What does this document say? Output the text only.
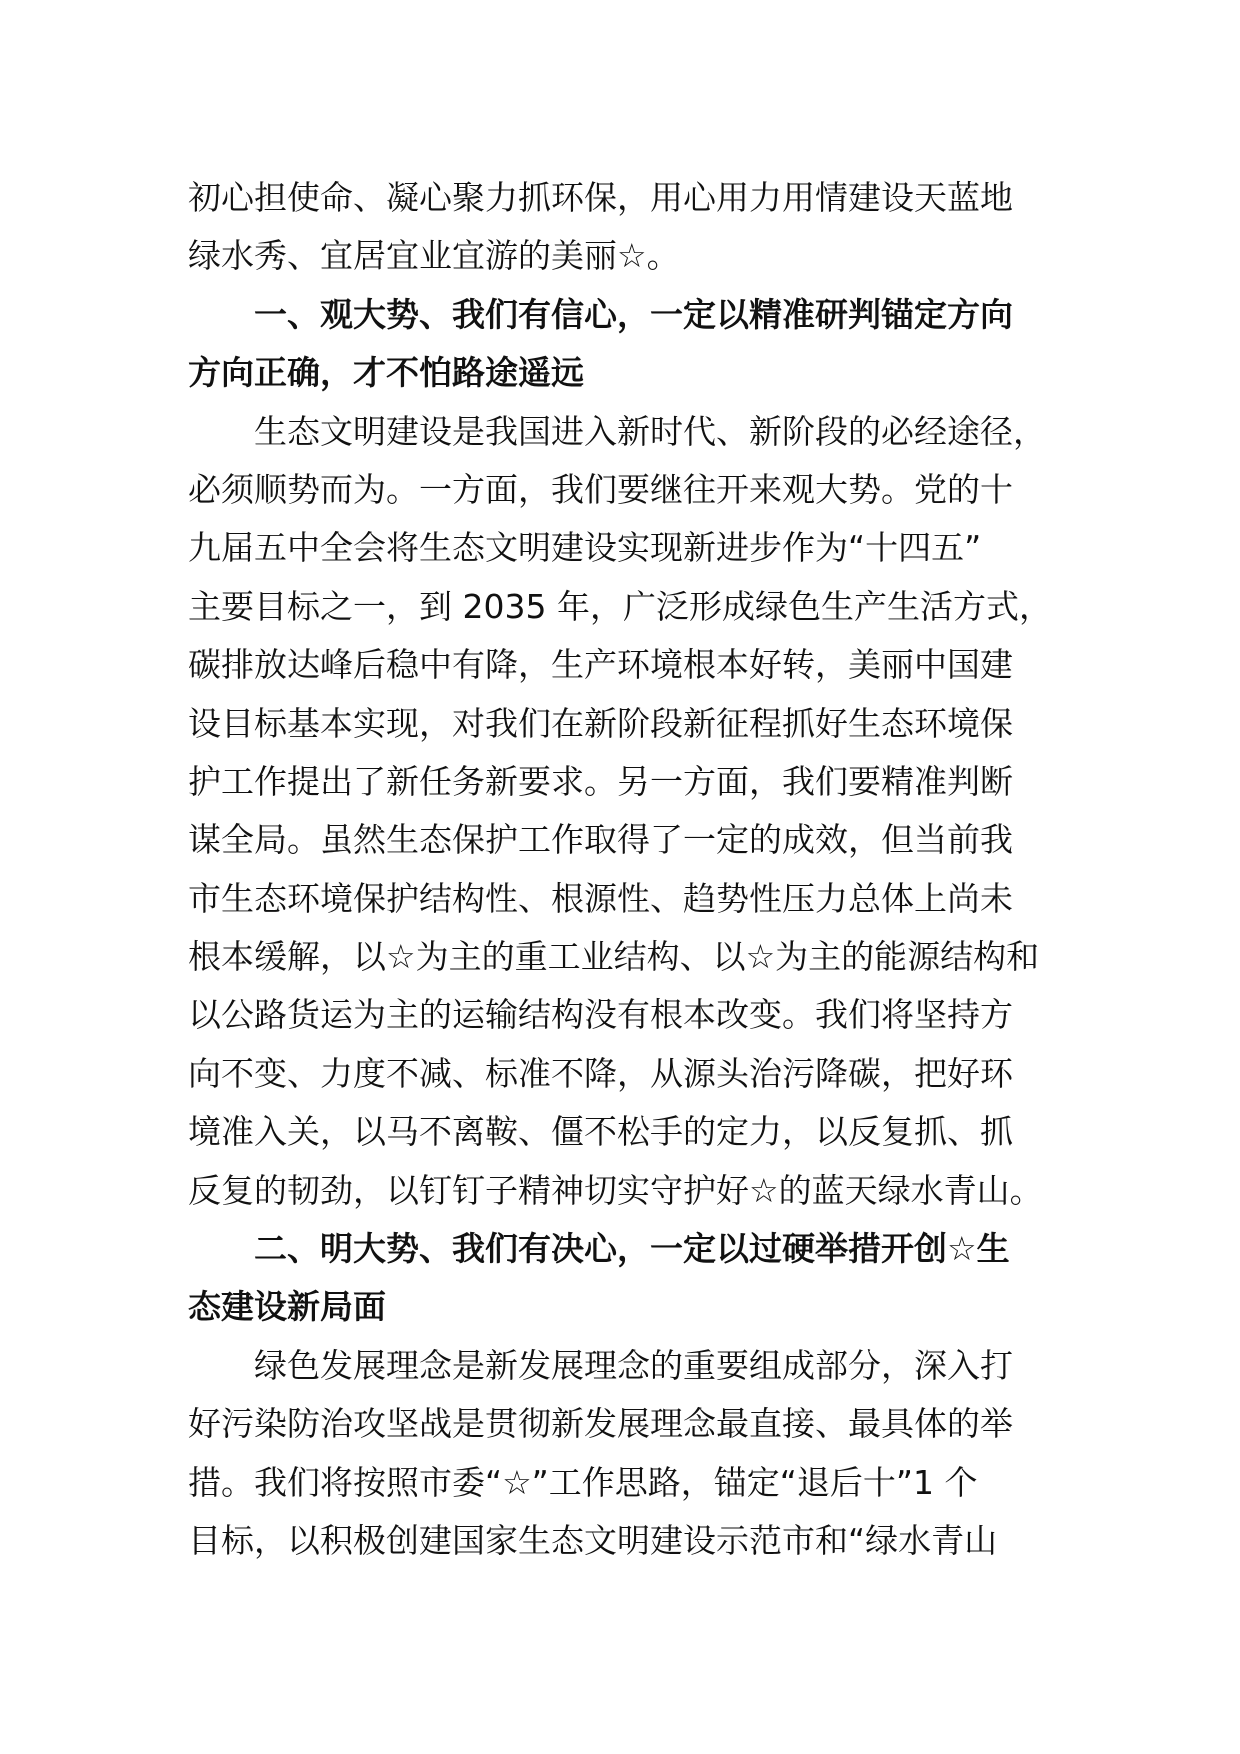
初心担使命、凝心聚力抓环保，用心用力用情建设天蓝地
绿水秀、宜居宜业宜游的美丽☆。
一、观大势、我们有信心，一定以精准研判锚定方向
方向正确，才不怕路途遥远
生态文明建设是我国进入新时代、新阶段的必经途径，
必须顺势而为。一方面，我们要继往开来观大势。党的十
九届五中全会将生态文明建设实现新进步作为“十四五”
主要目标之一，到 2035 年，广泛形成绿色生产生活方式，
碳排放达峰后稳中有降，生产环境根本好转，美丽中国建
设目标基本实现，对我们在新阶段新征程抓好生态环境保
护工作提出了新任务新要求。另一方面，我们要精准判断
谋全局。虽然生态保护工作取得了一定的成效，但当前我
市生态环境保护结构性、根源性、趋势性压力总体上尚未
根本缓解，以☆为主的重工业结构、以☆为主的能源结构和
以公路货运为主的运输结构没有根本改变。我们将坚持方
向不变、力度不减、标准不降，从源头治污降碳，把好环
境准入关，以马不离鞍、僵不松手的定力，以反复抓、抓
反复的韧劲，以钉钉子精神切实守护好☆的蓝天绿水青山。
二、明大势、我们有决心，一定以过硬举措开创☆生
态建设新局面
绿色发展理念是新发展理念的重要组成部分，深入打
好污染防治攻坚战是贯彻新发展理念最直接、最具体的举
措。我们将按照市委“☆”工作思路，锚定“退后十”1 个
目标，以积极创建国家生态文明建设示范市和“绿水青山
